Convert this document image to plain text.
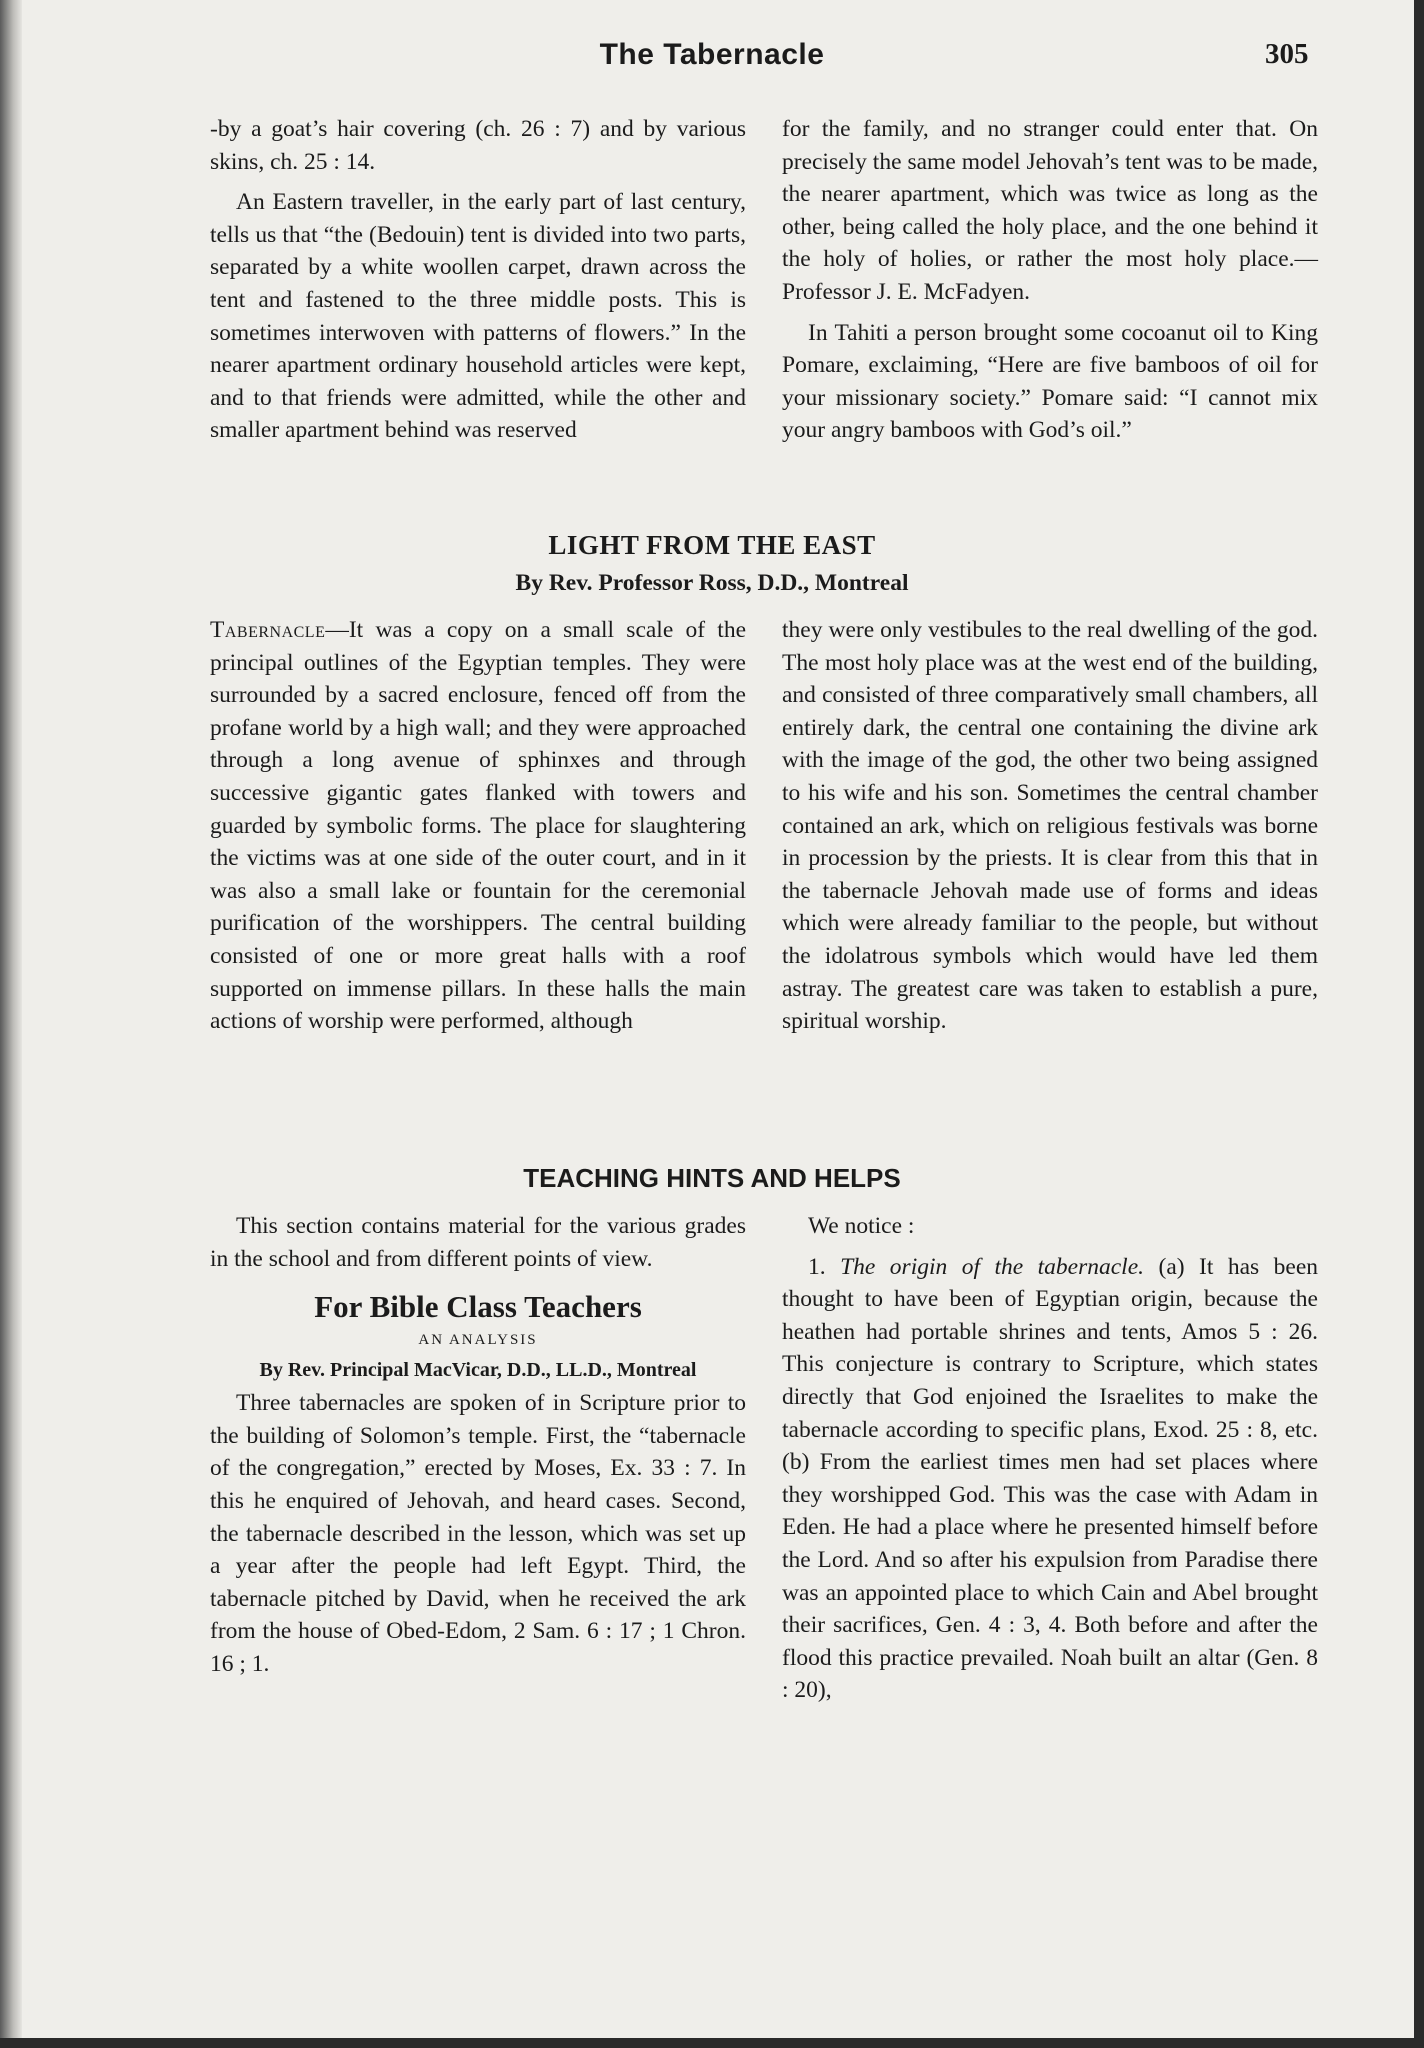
The Tabernacle	305

-by a goat’s hair covering (ch. 26 : 7) and by various skins, ch. 25 : 14.

An Eastern traveller, in the early part of last century, tells us that “the (Bedouin) tent is divided into two parts, separated by a white woollen carpet, drawn across the tent and fastened to the three middle posts. This is sometimes interwoven with patterns of flowers.” In the nearer apartment ordinary household articles were kept, and to that friends were admitted, while the other and smaller apartment behind was reserved

for the family, and no stranger could enter that. On precisely the same model Jehovah’s tent was to be made, the nearer apartment, which was twice as long as the other, being called the holy place, and the one behind it the holy of holies, or rather the most holy place.—Professor J. E. McFadyen.

In Tahiti a person brought some cocoanut oil to King Pomare, exclaiming, “Here are five bamboos of oil for your missionary society.” Pomare said: “I cannot mix your angry bamboos with God’s oil.”

LIGHT FROM THE EAST
By Rev. Professor Ross, D.D., Montreal

Tabernacle—It was a copy on a small scale of the principal outlines of the Egyptian temples. They were surrounded by a sacred enclosure, fenced off from the profane world by a high wall; and they were approached through a long avenue of sphinxes and through successive gigantic gates flanked with towers and guarded by symbolic forms. The place for slaughtering the victims was at one side of the outer court, and in it was also a small lake or fountain for the ceremonial purification of the worshippers. The central building consisted of one or more great halls with a roof supported on immense pillars. In these halls the main actions of worship were performed, although

they were only vestibules to the real dwelling of the god. The most holy place was at the west end of the building, and consisted of three comparatively small chambers, all entirely dark, the central one containing the divine ark with the image of the god, the other two being assigned to his wife and his son. Sometimes the central chamber contained an ark, which on religious festivals was borne in procession by the priests. It is clear from this that in the tabernacle Jehovah made use of forms and ideas which were already familiar to the people, but without the idolatrous symbols which would have led them astray. The greatest care was taken to establish a pure, spiritual worship.

TEACHING HINTS AND HELPS

This section contains material for the various grades in the school and from different points of view.

For Bible Class Teachers
AN ANALYSIS
By Rev. Principal MacVicar, D.D., LL.D., Montreal

Three tabernacles are spoken of in Scripture prior to the building of Solomon’s temple. First, the “tabernacle of the congregation,” erected by Moses, Ex. 33 : 7. In this he enquired of Jehovah, and heard cases. Second, the tabernacle described in the lesson, which was set up a year after the people had left Egypt. Third, the tabernacle pitched by David, when he received the ark from the house of Obed-Edom, 2 Sam. 6 : 17 ; 1 Chron. 16 ; 1.

We notice :

1. The origin of the tabernacle. (a) It has been thought to have been of Egyptian origin, because the heathen had portable shrines and tents, Amos 5 : 26. This conjecture is contrary to Scripture, which states directly that God enjoined the Israelites to make the tabernacle according to specific plans, Exod. 25 : 8, etc. (b) From the earliest times men had set places where they worshipped God. This was the case with Adam in Eden. He had a place where he presented himself before the Lord. And so after his expulsion from Paradise there was an appointed place to which Cain and Abel brought their sacrifices, Gen. 4 : 3, 4. Both before and after the flood this practice prevailed. Noah built an altar (Gen. 8 : 20),
